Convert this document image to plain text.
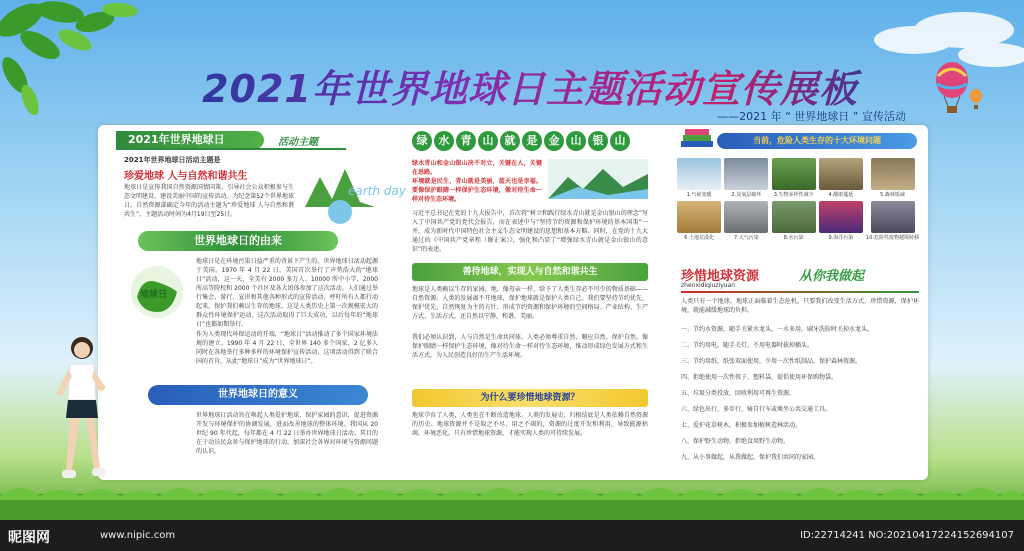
2021年世界地球日主题活动宣传展板
——2021 年 “ 世界地球日 ” 宣传活动
2021年世界地球日	活动主题
2021年世界地球日活动主题是
珍爱地球 人与自然和谐共生
地球日是宣传我国自然资源国情国策、引导社会公众积极参与生态文明建设、建设美丽中国的宣传活动。为纪念第52个世界地球日，自然资源部确定今年的活动主题为“珍爱地球 人与自然和谐共生”，主题活动时间为4月19日至25日。
earth day
世界地球日的由来
地球日
地球日是在环境污染日益严重的背景下产生的。世界地球日活动起源于美国。1970 年 4 月 22 日，美国首次举行了声势浩大的“地球日”活动，这一天，全美有 2000 多万人、10000 所中小学、2000 所高等院校和 2000 个社区及各大团体参加了这次活动。人们通过举行集会、游行、宣讲和其他各种形式的宣传活动，呼吁所有人都行动起来，保护我们赖以生存的地球。这是人类历史上第一次规模宏大的群众性环境保护运动，这次活动取得了巨大成功，以后每年的“地球日”也都如期举行。
作为人类现代环保运动的开端，“地球日”活动推动了多个国家环境法规的建立。1990 年 4 月 22 日，全世界 140 多个国家、2 亿多人同时在各地举行多种多样的环境保护宣传活动，这项活动得到了联合国的首肯，从此“地球日”成为“世界地球日”。
世界地球日的意义
世界地球日活动旨在唤起人类爱护地球、保护家园的意识，促进资源开发与环境保护的协调发展，进而改善地球的整体环境。我国从 20 世纪 90 年代起，每年都在 4 月 22 日举办世界地球日活动。其目的在于动员民众参与保护地球的行动，加深社会各界对环境与资源问题的认识。
绿	水	青	山	就	是	金	山	银	山
绿水青山和金山银山决不对立，关键在人，关键在思路。
环境就是民生，青山就是美丽，蓝天也是幸福。要像保护眼睛一样保护生态环境，像对待生命一样对待生态环境。
习近平总书记在党的十九大报告中，首次将“树立和践行绿水青山就是金山银山的理念”写入了中国共产党的党代会报告，而在表述中与“坚持节约资源和保护环境的基本国策”一并，成为新时代中国特色社会主义生态文明建设的思想和基本方略。同时，在党的十九大通过的《中国共产党章程（修正案）》，强化和凸显了“增强绿水青山就是金山银山的意识”的表述。
善待地球，实现人与自然和谐共生
地球是人类赖以生存的家园。地，像母亲一样，给予了人类生存必不可少的物质基础——自然资源。人类的发展离不开地球，保护地球就是保护人类自己。我们要坚持节约优先、保护优先、自然恢复为主的方针，形成节约资源和保护环境的空间格局、产业结构、生产方式、生活方式，还自然以宁静、和谐、美丽。
我们必须认识到，人与自然是生命共同体，人类必须尊重自然、顺应自然、保护自然。像保护眼睛一样保护生态环境，像对待生命一样对待生态环境，推动形成绿色发展方式和生活方式，为人民创造良好的生产生活环境。
为什么要珍惜地球资源？
地球孕育了人类，人类也在不断改造地球。人类的发展史，归根结底是人类依赖自然资源的历史。地球资源并不是取之不尽、用之不竭的，资源的过度开发和利用，导致能源枯竭、环境恶化。只有珍惜地球资源，才能实现人类的可持续发展。
当前，危险人类生存的十大环境问题
1.气候变暖	2.臭氧层破坏 3.生物多样性减少	4.酸雨蔓延	5.森林锐减
6.土地荒漠化	7.大气污染	8.水污染	9.海洋污染	10.危险性废物越境转移
珍惜地球资源
zhenxidiqiuziyuan
从你我做起
人类只有一个地球，地球正面临着生态危机。只要我们改变生活方式，珍惜资源，保护环境，就能减缓地球的负担。
一、节约水资源，随手关紧水龙头，一水多用，刷牙洗脸时关掉水龙头。
二、节约用电，随手关灯，不用电器时拔掉插头。
三、节约用纸，纸张双面使用，少用一次性纸制品，保护森林资源。
四、拒绝使用一次性筷子、塑料袋，提倡使用环保购物袋。
五、垃圾分类投放，回收利用可再生资源。
六、绿色出行，多步行、骑自行车或乘坐公共交通工具。
七、爱护花草树木，积极参加植树造林活动。
八、保护野生动物，拒绝食用野生动物。
九、从小事做起，从我做起，保护我们共同的家园。
昵图网	www.nipic.com	ID:22714241 NO:20210417224152694107
